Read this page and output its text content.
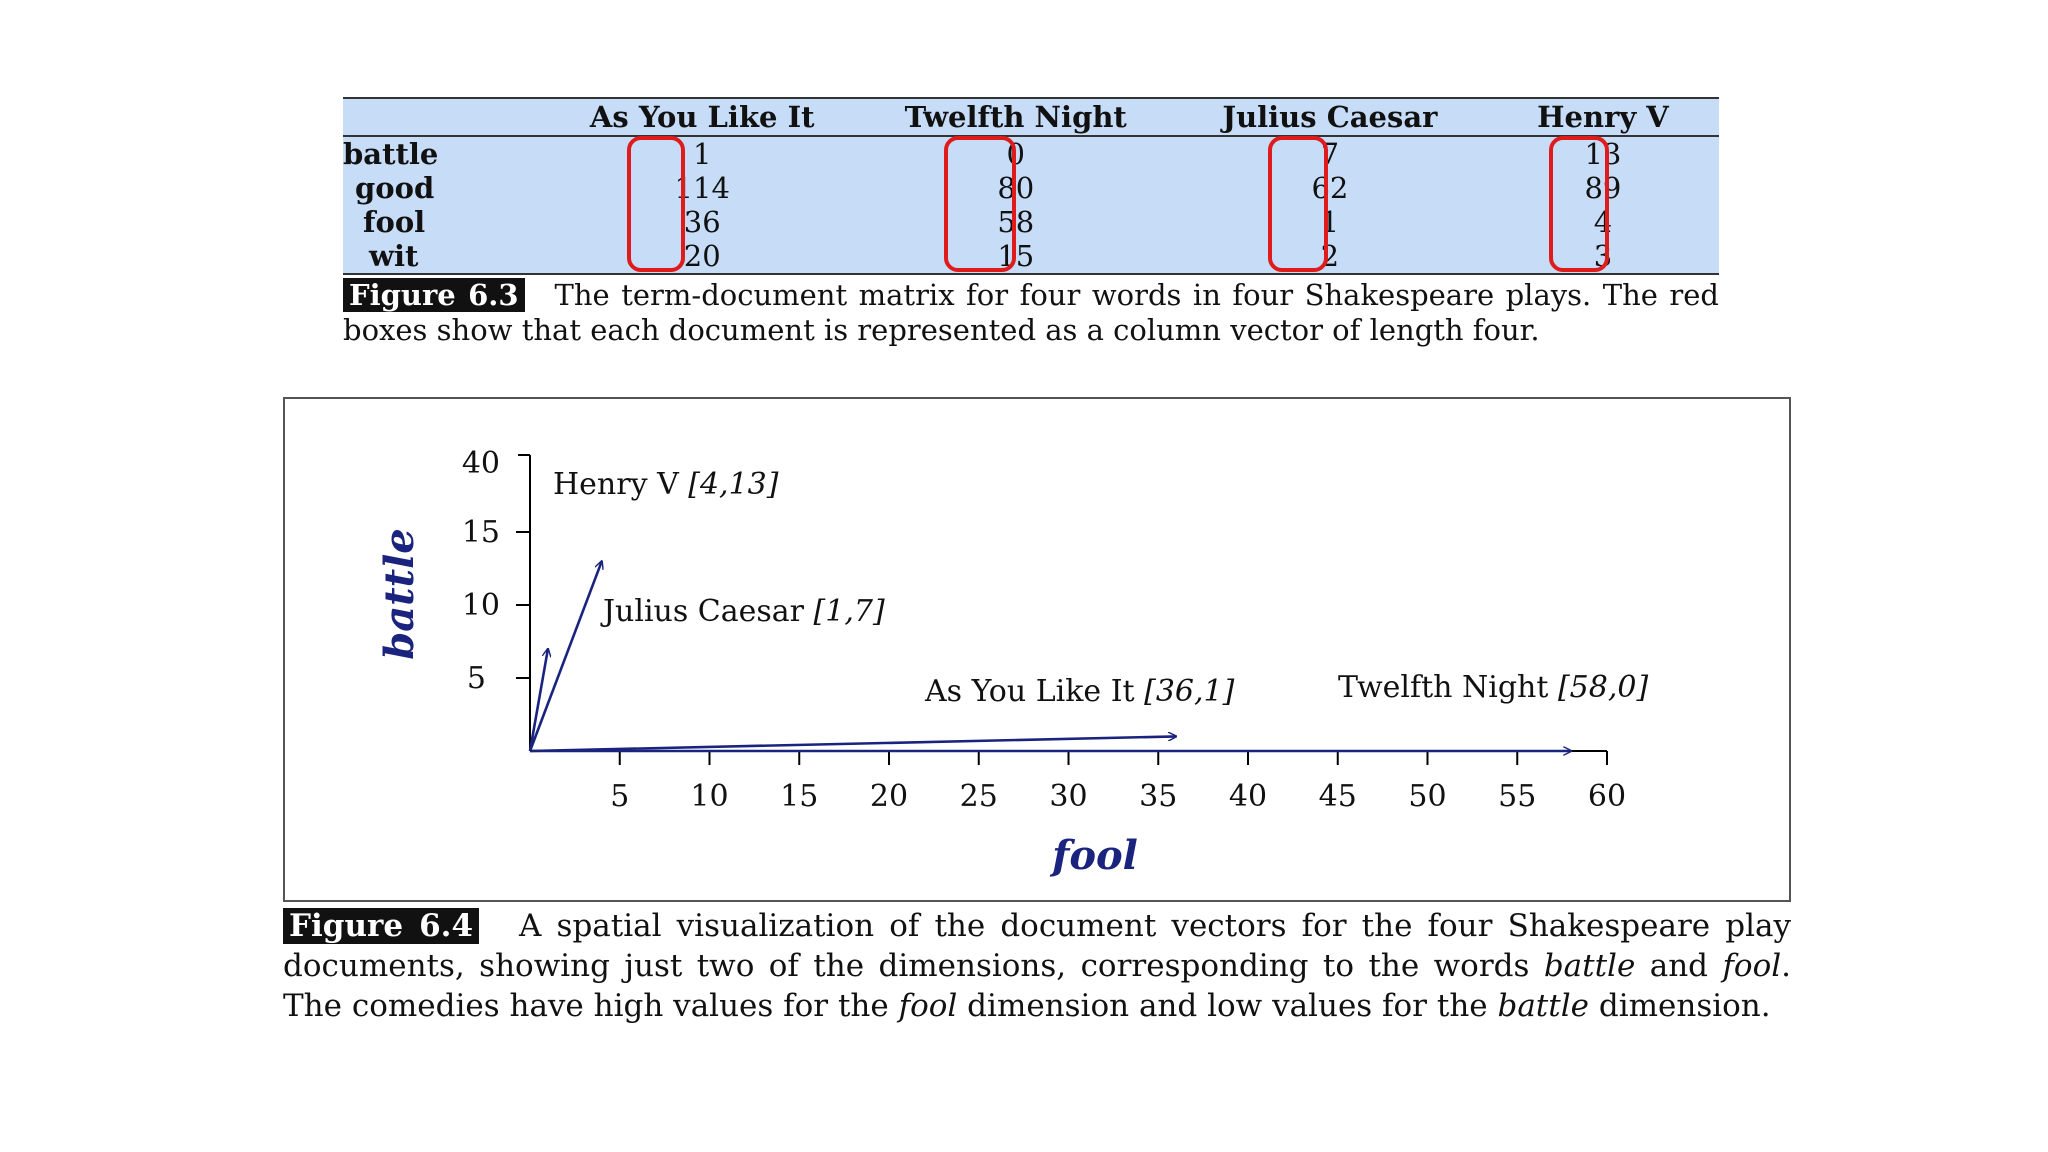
	As You Like It	Twelfth Night	Julius Caesar	Henry V
battle	1	0	7	13
good	114	80	62	89
fool	36	58	1	4
wit	20	15	2	3
Figure 6.3 The term-document matrix for four words in four Shakespeare plays. The red boxes show that each document is represented as a column vector of length four.
5 10 15 20 25 30 35 40 45 50 55 60
5
10
15
40
fool
battle
Henry V [4,13]
Julius Caesar [1,7]
As You Like It [36,1]	Twelfth Night [58,0]
Figure 6.4 A spatial visualization of the document vectors for the four Shakespeare play documents, showing just two of the dimensions, corresponding to the words battle and fool. The comedies have high values for the fool dimension and low values for the battle dimension.
